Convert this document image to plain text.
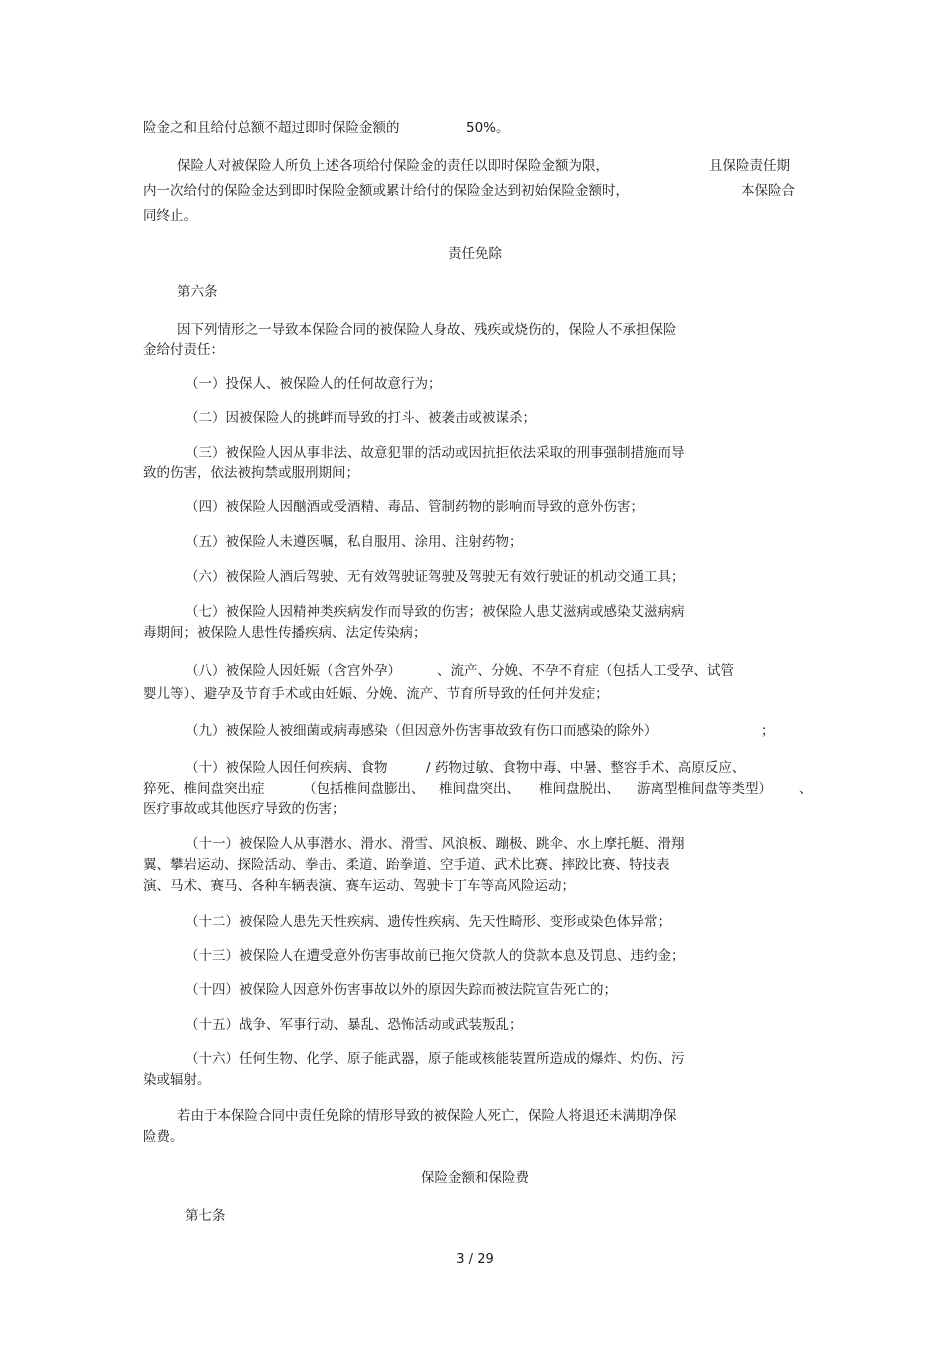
险金之和且给付总额不超过即时保险金额的	50%。
保险人对被保险人所负上述各项给付保险金的责任以即时保险金额为限，	且保险责任期
内一次给付的保险金达到即时保险金额或累计给付的保险金达到初始保险金额时，	本保险合
同终止。
责任免除
第六条
因下列情形之一导致本保险合同的被保险人身故、残疾或烧伤的，保险人不承担保险
金给付责任：
（一）投保人、被保险人的任何故意行为；
（二）因被保险人的挑衅而导致的打斗、被袭击或被谋杀；
（三）被保险人因从事非法、故意犯罪的活动或因抗拒依法采取的刑事强制措施而导
致的伤害，依法被拘禁或服刑期间；
（四）被保险人因酗酒或受酒精、毒品、管制药物的影响而导致的意外伤害；
（五）被保险人未遵医嘱，私自服用、涂用、注射药物；
（六）被保险人酒后驾驶、无有效驾驶证驾驶及驾驶无有效行驶证的机动交通工具；
（七）被保险人因精神类疾病发作而导致的伤害；被保险人患艾滋病或感染艾滋病病
毒期间；被保险人患性传播疾病、法定传染病；
（八）被保险人因妊娠（含宫外孕）	、流产、分娩、不孕不育症（包括人工受孕、试管
婴儿等）、避孕及节育手术或由妊娠、分娩、流产、节育所导致的任何并发症；
（九）被保险人被细菌或病毒感染（但因意外伤害事故致有伤口而感染的除外）	；
（十）被保险人因任何疾病、食物	/ 药物过敏、食物中毒、中暑、整容手术、高原反应、
猝死、椎间盘突出症	（包括椎间盘膨出、 椎间盘突出、 椎间盘脱出、 游离型椎间盘等类型） 、
医疗事故或其他医疗导致的伤害；
（十一）被保险人从事潜水、滑水、滑雪、风浪板、蹦极、跳伞、水上摩托艇、滑翔
翼、攀岩运动、探险活动、拳击、柔道、跆拳道、空手道、武术比赛、摔跤比赛、特技表
演、马术、赛马、各种车辆表演、赛车运动、驾驶卡丁车等高风险运动；
（十二）被保险人患先天性疾病、遗传性疾病、先天性畸形、变形或染色体异常；
（十三）被保险人在遭受意外伤害事故前已拖欠贷款人的贷款本息及罚息、违约金；
（十四）被保险人因意外伤害事故以外的原因失踪而被法院宣告死亡的；
（十五）战争、军事行动、暴乱、恐怖活动或武装叛乱；
（十六）任何生物、化学、原子能武器，原子能或核能装置所造成的爆炸、灼伤、污
染或辐射。
若由于本保险合同中责任免除的情形导致的被保险人死亡，保险人将退还未满期净保
险费。
保险金额和保险费
第七条
3 / 29
